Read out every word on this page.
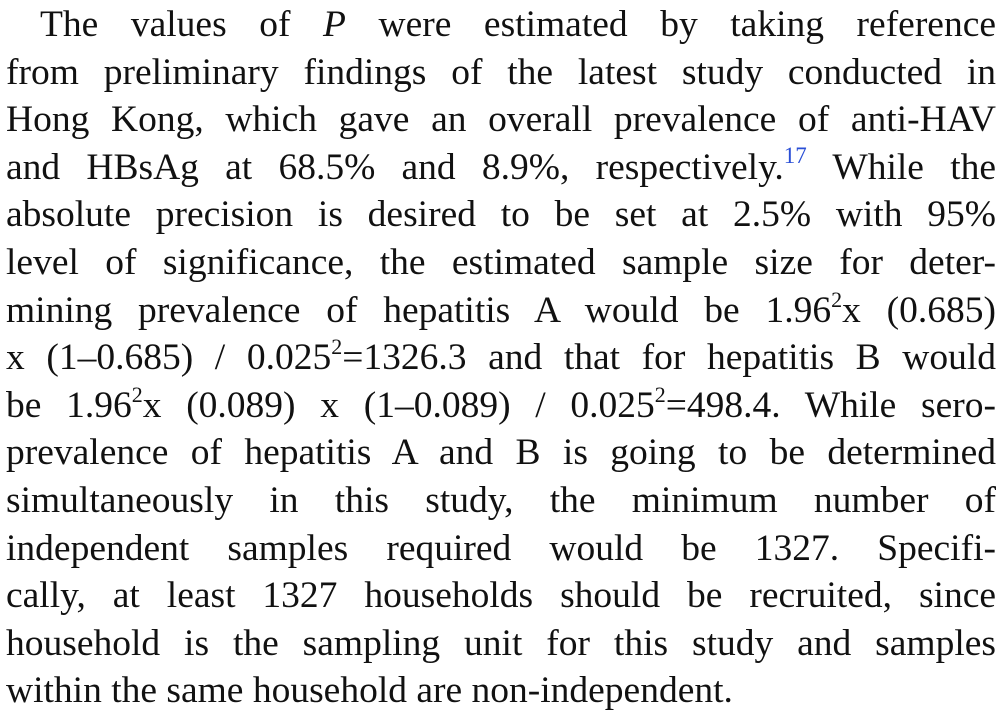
The values of P were estimated by taking reference
from preliminary findings of the latest study conducted in
Hong Kong, which gave an overall prevalence of anti-HAV
and HBsAg at 68.5% and 8.9%, respectively.$^{17}$ While the
absolute precision is desired to be set at 2.5% with 95%
level of significance, the estimated sample size for deter-
mining prevalence of hepatitis A would be 1.96$^2$x (0.685)
x $(1-0.685) / 0.025^2=1326.3$ and that for hepatitis B would
be 1.96$^2$x (0.089) x $(1-0.089) / 0.025^2=498.4$. While sero-
prevalence of hepatitis A and B is going to be determined
simultaneously in this study, the minimum number of
independent samples required would be 1327. Specifi-
cally, at least 1327 households should be recruited, since
household is the sampling unit for this study and samples
within the same household are non-independent.
